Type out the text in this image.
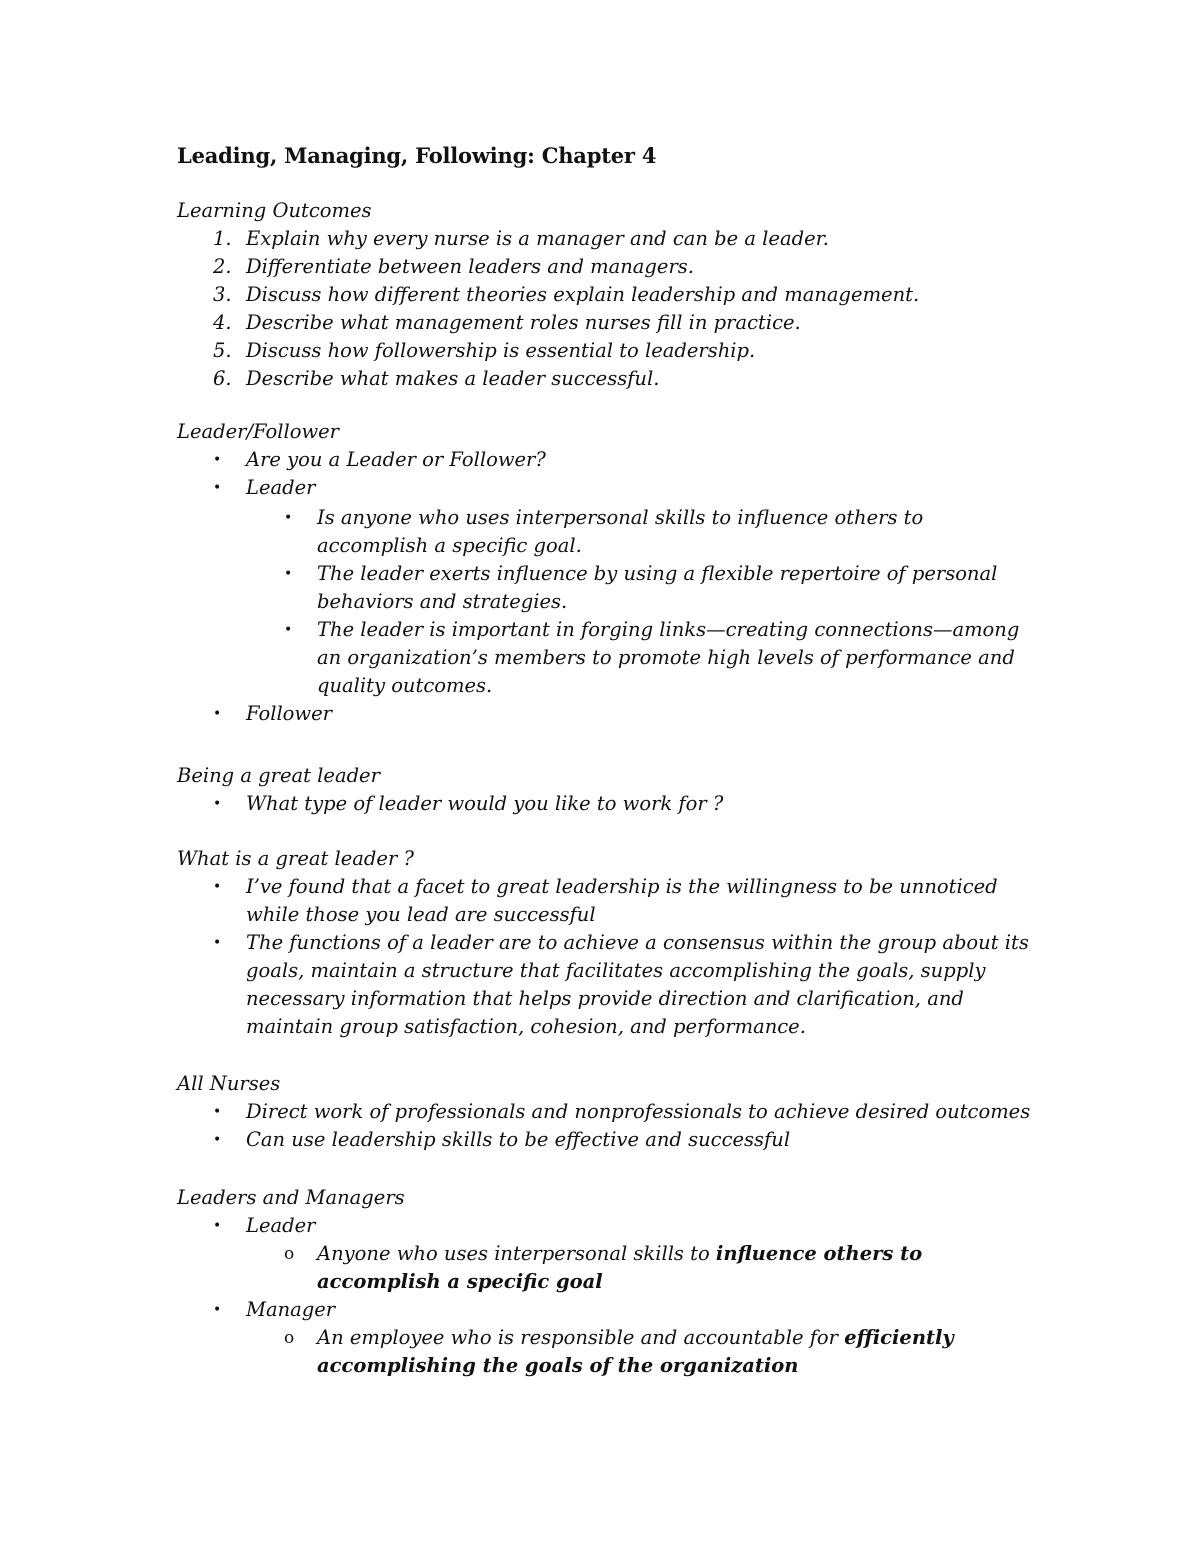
Leading, Managing, Following: Chapter 4
Learning Outcomes
1. Explain why every nurse is a manager and can be a leader.
2. Differentiate between leaders and managers.
3. Discuss how different theories explain leadership and management.
4. Describe what management roles nurses fill in practice.
5. Discuss how followership is essential to leadership.
6. Describe what makes a leader successful.
Leader/Follower
• Are you a Leader or Follower?
• Leader
• Is anyone who uses interpersonal skills to influence others to accomplish a specific goal.
• The leader exerts influence by using a flexible repertoire of personal behaviors and strategies.
• The leader is important in forging links—creating connections—among an organization’s members to promote high levels of performance and quality outcomes.
• Follower
Being a great leader
• What type of leader would you like to work for ?
What is a great leader ?
• I’ve found that a facet to great leadership is the willingness to be unnoticed while those you lead are successful
• The functions of a leader are to achieve a consensus within the group about its goals, maintain a structure that facilitates accomplishing the goals, supply necessary information that helps provide direction and clarification, and maintain group satisfaction, cohesion, and performance.
All Nurses
• Direct work of professionals and nonprofessionals to achieve desired outcomes
• Can use leadership skills to be effective and successful
Leaders and Managers
• Leader
o Anyone who uses interpersonal skills to influence others to accomplish a specific goal
• Manager
o An employee who is responsible and accountable for efficiently accomplishing the goals of the organization
